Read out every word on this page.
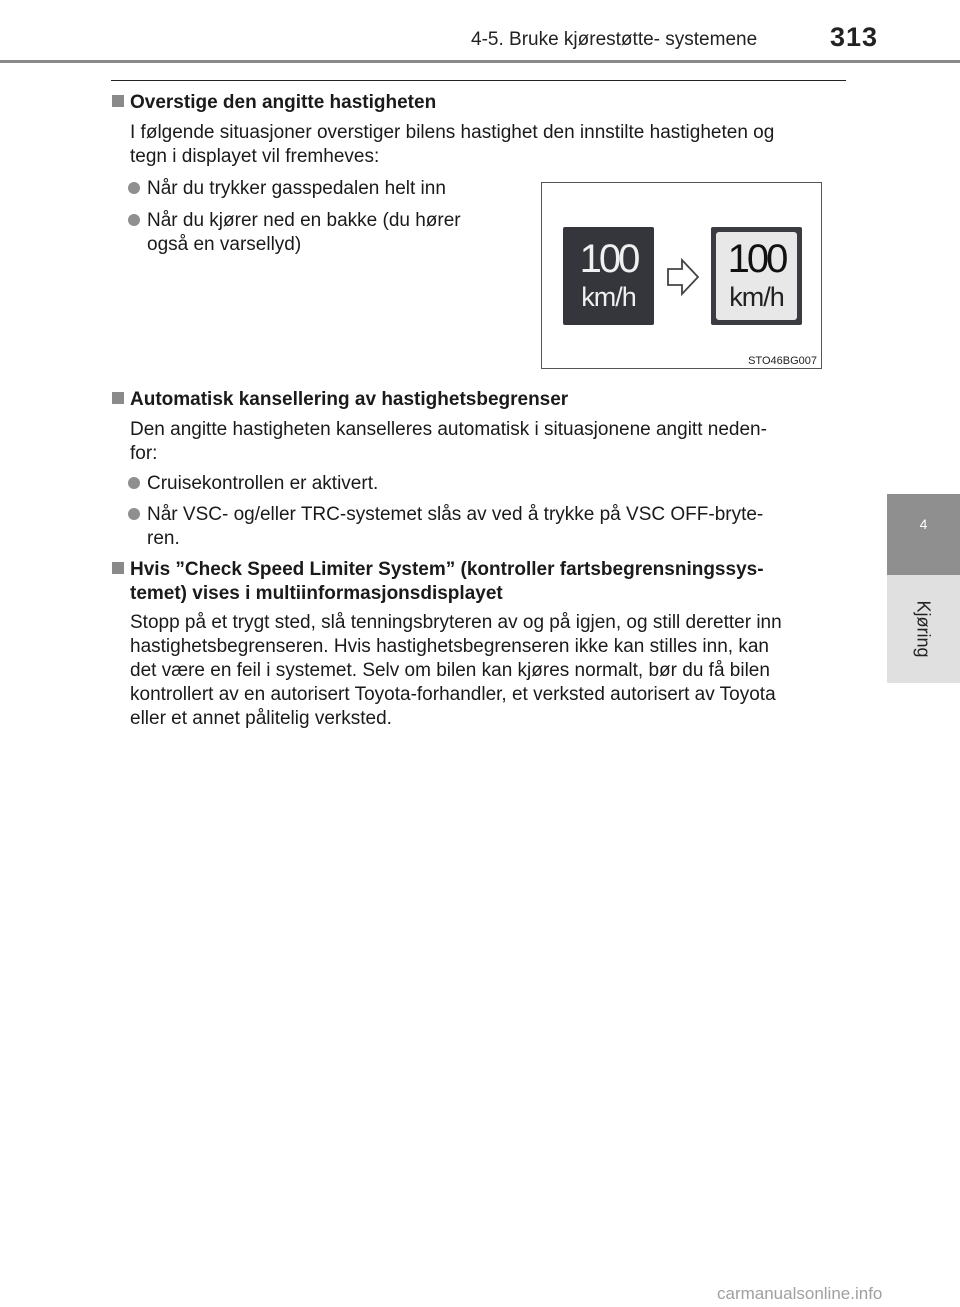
4-5. Bruke kjørestøtte- systemene	313
4
Kjøring
Overstige den angitte hastigheten
I følgende situasjoner overstiger bilens hastighet den innstilte hastigheten og
tegn i displayet vil fremheves:
Når du trykker gasspedalen helt inn
Når du kjører ned en bakke (du hører
også en varsellyd)	100
km/h
100
km/h
STO46BG007
Automatisk kansellering av hastighetsbegrenser
Den angitte hastigheten kanselleres automatisk i situasjonene angitt neden-
for:
Cruisekontrollen er aktivert.
Når VSC- og/eller TRC-systemet slås av ved å trykke på VSC OFF-bryte-
ren.
Hvis ”Check Speed Limiter System” (kontroller fartsbegrensningssys-
temet) vises i multiinformasjonsdisplayet
Stopp på et trygt sted, slå tenningsbryteren av og på igjen, og still deretter inn
hastighetsbegrenseren. Hvis hastighetsbegrenseren ikke kan stilles inn, kan
det være en feil i systemet. Selv om bilen kan kjøres normalt, bør du få bilen
kontrollert av en autorisert Toyota-forhandler, et verksted autorisert av Toyota
eller et annet pålitelig verksted.
carmanualsonline.info
